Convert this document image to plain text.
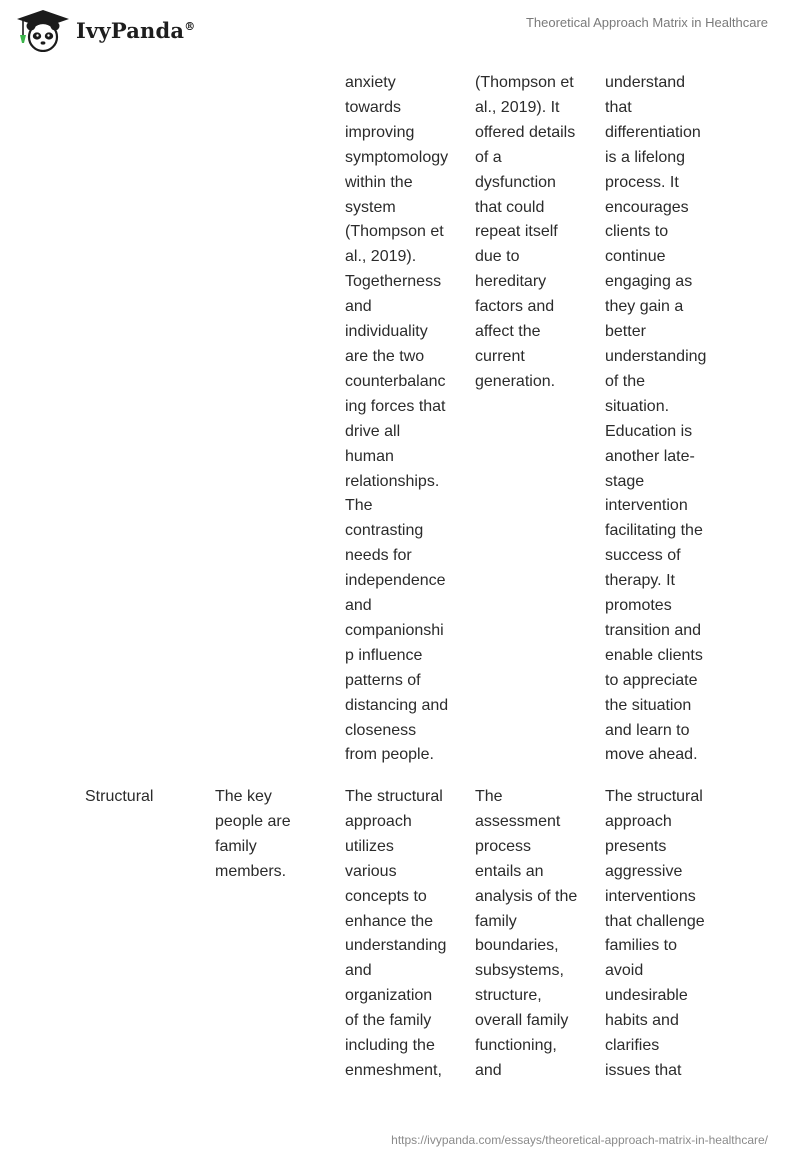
IvyPanda®	Theoretical Approach Matrix in Healthcare
anxiety
towards
improving
symptomology
within the
system
(Thompson et
al., 2019).
Togetherness
and
individuality
are the two
counterbalanc
ing forces that
drive all
human
relationships.
The
contrasting
needs for
independence
and
companionshi
p influence
patterns of
distancing and
closeness
from people.
(Thompson et
al., 2019). It
offered details
of a
dysfunction
that could
repeat itself
due to
hereditary
factors and
affect the
current
generation.
understand
that
differentiation
is a lifelong
process. It
encourages
clients to
continue
engaging as
they gain a
better
understanding
of the
situation.
Education is
another late-
stage
intervention
facilitating the
success of
therapy. It
promotes
transition and
enable clients
to appreciate
the situation
and learn to
move ahead.
Structural	The key
people are
family
members.
The structural
approach
utilizes
various
concepts to
enhance the
understanding
and
organization
of the family
including the
enmeshment,
The
assessment
process
entails an
analysis of the
family
boundaries,
subsystems,
structure,
overall family
functioning,
and
The structural
approach
presents
aggressive
interventions
that challenge
families to
avoid
undesirable
habits and
clarifies
issues that
https://ivypanda.com/essays/theoretical-approach-matrix-in-healthcare/
